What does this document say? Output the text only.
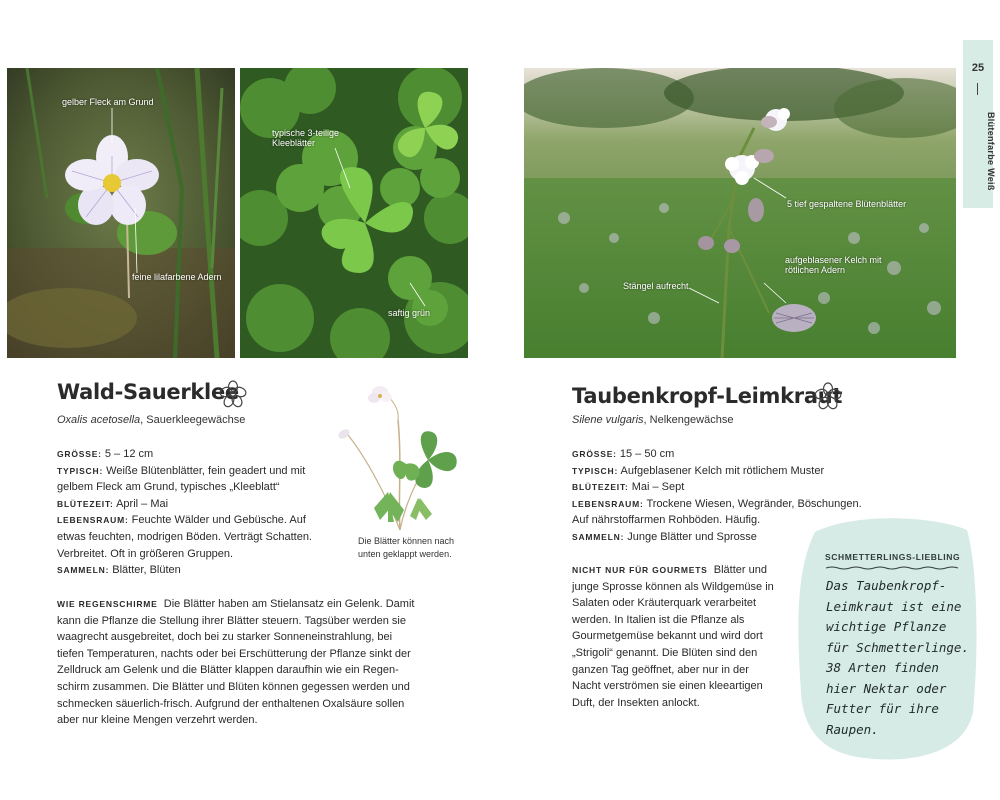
gelber Fleck am Grund
feine lilafarbene Adern
typische 3-teilige Kleeblätter
saftig grün
5 tief gespaltene Blütenblätter
aufgeblasener Kelch mit rötlichen Adern
Stängel aufrecht
25
Blütenfarbe Weiß
Wald-Sauerklee
Oxalis acetosella, Sauerkleegewächse
GRÖSSE: 5 – 12 cm
TYPISCH: Weiße Blütenblätter, fein geadert und mit gelbem Fleck am Grund, typisches „Kleeblatt“
BLÜTEZEIT: April – Mai
LEBENSRAUM: Feuchte Wälder und Gebüsche. Auf etwas feuchten, modrigen Böden. Verträgt Schatten. Verbreitet. Oft in größeren Gruppen.
SAMMELN: Blätter, Blüten
Die Blätter können nach unten geklappt werden.
WIE REGENSCHIRME Die Blätter haben am Stielansatz ein Gelenk. Damit kann die Pflanze die Stellung ihrer Blätter steuern. Tagsüber werden sie waagrecht ausgebreitet, doch bei zu starker Sonneneinstrahlung, bei tiefen Temperaturen, nachts oder bei Erschütterung der Pflanze sinkt der Zelldruck am Gelenk und die Blätter klappen daraufhin wie ein Regen- schirm zusammen. Die Blätter und Blüten können gegessen werden und schmecken säuerlich-frisch. Aufgrund der enthaltenen Oxalsäure sollen aber nur kleine Mengen verzehrt werden.
Taubenkropf-Leimkraut
Silene vulgaris, Nelkengewächse
GRÖSSE: 15 – 50 cm
TYPISCH: Aufgeblasener Kelch mit rötlichem Muster
BLÜTEZEIT: Mai – Sept
LEBENSRAUM: Trockene Wiesen, Wegränder, Böschungen. Auf nährstoffarmen Rohböden. Häufig.
SAMMELN: Junge Blätter und Sprosse
NICHT NUR FÜR GOURMETS Blätter und junge Sprosse können als Wildgemüse in Salaten oder Kräuterquark verarbeitet werden. In Italien ist die Pflanze als Gourmetgemüse bekannt und wird dort „Strigoli“ genannt. Die Blüten sind den ganzen Tag geöffnet, aber nur in der Nacht verströmen sie einen kleeartigen Duft, der Insekten anlockt.
SCHMETTERLINGS-LIEBLING
Das Taubenkropf-Leimkraut ist eine wichtige Pflanze für Schmetterlinge. 38 Arten finden hier Nektar oder Futter für ihre Raupen.
